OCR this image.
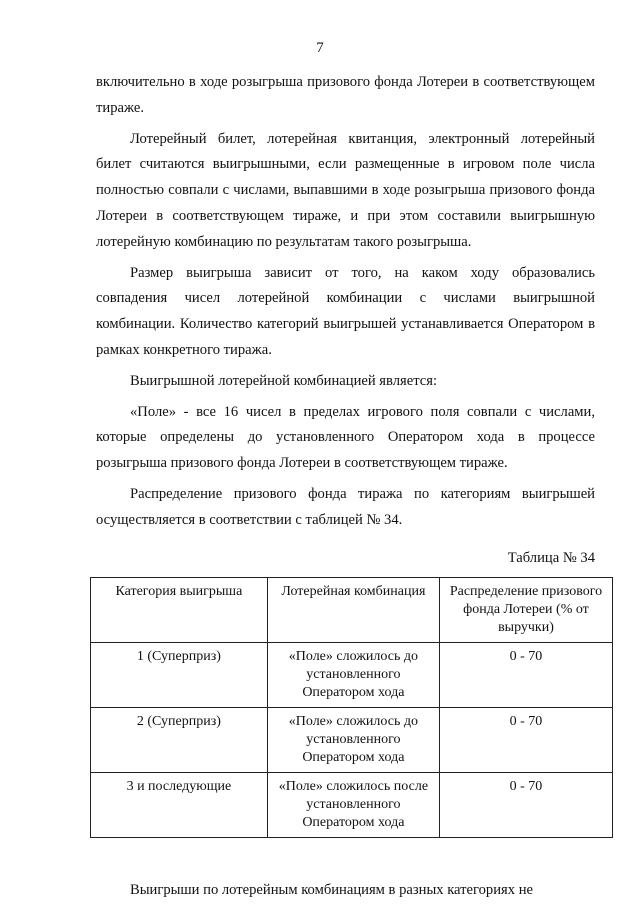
7

включительно в ходе розыгрыша призового фонда Лотереи в соответствующем тираже.

Лотерейный билет, лотерейная квитанция, электронный лотерейный билет считаются выигрышными, если размещенные в игровом поле числа полностью совпали с числами, выпавшими в ходе розыгрыша призового фонда Лотереи в соответствующем тираже, и при этом составили выигрышную лотерейную комбинацию по результатам такого розыгрыша.

Размер выигрыша зависит от того, на каком ходу образовались совпадения чисел лотерейной комбинации с числами выигрышной комбинации. Количество категорий выигрышей устанавливается Оператором в рамках конкретного тиража.

Выигрышной лотерейной комбинацией является:

«Поле» - все 16 чисел в пределах игрового поля совпали с числами, которые определены до установленного Оператором хода в процессе розыгрыша призового фонда Лотереи в соответствующем тираже.

Распределение призового фонда тиража по категориям выигрышей осуществляется в соответствии с таблицей № 34.

Таблица № 34

Категория выигрыша	Лотерейная комбинация	Распределение призового фонда Лотереи (% от выручки)
1 (Суперприз)	«Поле» сложилось до установленного Оператором хода	0 - 70
2 (Суперприз)	«Поле» сложилось до установленного Оператором хода	0 - 70
3 и последующие	«Поле» сложилось после установленного Оператором хода	0 - 70

Выигрыши по лотерейным комбинациям в разных категориях не
